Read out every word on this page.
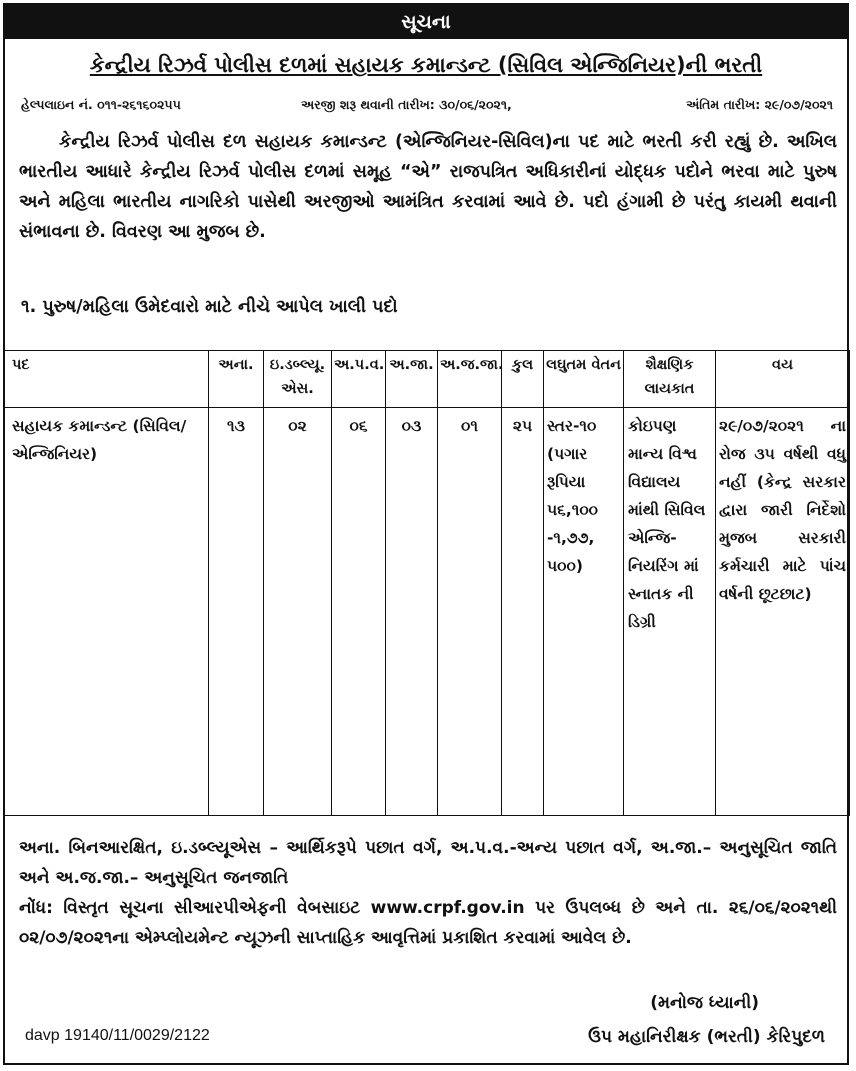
સૂચના
કેન્દ્રીય રિઝર્વ પોલીસ દળમાં સહાયક કમાન્ડન્ટ (સિવિલ એન્જિનિયર)ની ભરતી
હેલ્પલાઇન નં. ૦૧૧-૨૬૧૬૦૨૫૫	અરજી શરૂ થવાની તારીખ: ૩૦/૦૬/૨૦૨૧,	અંતિમ તારીખ: ૨૯/૦૭/૨૦૨૧
કેન્દ્રીય રિઝર્વ પોલીસ દળ સહાયક કમાન્ડન્ટ (એન્જિનિયર-સિવિલ)ના પદ માટે ભરતી કરી રહ્યું છે. અખિલ ભારતીય આધારે કેન્દ્રીય રિઝર્વ પોલીસ દળમાં સમૂહ “એ” રાજપત્રિત અધિકારીનાં યોદ્ધક પદોને ભરવા માટે પુરુષ અને મહિલા ભારતીય નાગરિકો પાસેથી અરજીઓ આમંત્રિત કરવામાં આવે છે. પદો હંગામી છે પરંતુ કાયમી થવાની સંભાવના છે. વિવરણ આ મુજબ છે.
૧. પુરુષ/મહિલા ઉમેદવારો માટે નીચે આપેલ ખાલી પદો
પદ	અના.	ઇ.ડબ્લ્યૂ. એસ.	અ.પ.વ.	અ.જા.	અ.જ.જા.	કુલ	લઘુતમ વેતન	શૈક્ષણિક લાયકાત	વય
સહાયક કમાન્ડન્ટ (સિવિલ/એન્જિનિયર)	૧૩	૦૨	૦૬	૦૩	૦૧	૨૫	સ્તર-૧૦ (પગાર રૂપિયા ૫૬,૧૦૦ -૧,૭૭, ૫૦૦)	કોઇપણ માન્ય વિશ્વ વિદ્યાલય માંથી સિવિલ એન્જિ- નિયરિંગ માં સ્નાતક ની ડિગ્રી	૨૯/૦૭/૨૦૨૧ ના રોજ ૩૫ વર્ષથી વધુ નહીં (કેન્દ્ર સરકાર દ્વારા જારી નિર્દેશો મુજબ સરકારી કર્મચારી માટે પાંચ વર્ષની છૂટછાટ)
અના. બિનઆરક્ષિત, ઇ.ડબ્લ્યૂએસ – આર્થિકરૂપે પછાત વર્ગ, અ.પ.વ.-અન્ય પછાત વર્ગ, અ.જા.– અનુસૂચિત જાતિ અને અ.જ.જા.– અનુસૂચિત જનજાતિ
નોંધ: વિસ્તૃત સૂચના સીઆરપીએફની વેબસાઇટ www.crpf.gov.in પર ઉપલબ્ધ છે અને તા. ૨૬/૦૬/૨૦૨૧થી ૦૨/૦૭/૨૦૨૧ના એમ્પ્લોયમેન્ટ ન્યૂઝની સાપ્તાહિક આવૃત્તિમાં પ્રકાશિત કરવામાં આવેલ છે.
(મનોજ ધ્યાની)
davp 19140/11/0029/2122	ઉપ મહાનિરીક્ષક (ભરતી) કેરિપુદળ
